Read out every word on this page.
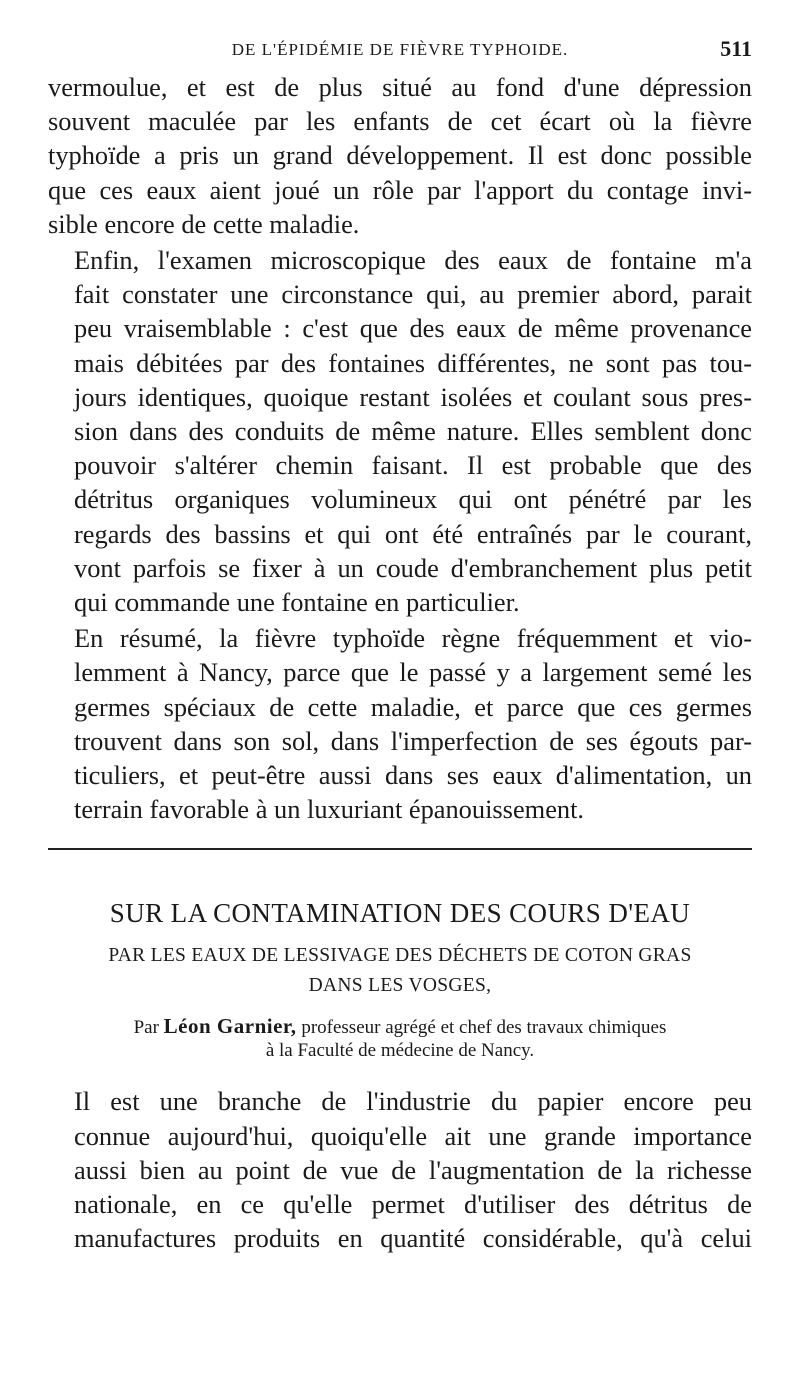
DE L'ÉPIDÉMIE DE FIÈVRE TYPHOIDE.	511

vermoulue, et est de plus situé au fond d'une dépression
souvent maculée par les enfants de cet écart où la fièvre
typhoïde a pris un grand développement. Il est donc possible
que ces eaux aient joué un rôle par l'apport du contage invi-
sible encore de cette maladie.

Enfin, l'examen microscopique des eaux de fontaine m'a
fait constater une circonstance qui, au premier abord, parait
peu vraisemblable : c'est que des eaux de même provenance
mais débitées par des fontaines différentes, ne sont pas tou-
jours identiques, quoique restant isolées et coulant sous pres-
sion dans des conduits de même nature. Elles semblent donc
pouvoir s'altérer chemin faisant. Il est probable que des
détritus organiques volumineux qui ont pénétré par les
regards des bassins et qui ont été entraînés par le courant,
vont parfois se fixer à un coude d'embranchement plus petit
qui commande une fontaine en particulier.

En résumé, la fièvre typhoïde règne fréquemment et vio-
lemment à Nancy, parce que le passé y a largement semé les
germes spéciaux de cette maladie, et parce que ces germes
trouvent dans son sol, dans l'imperfection de ses égouts par-
ticuliers, et peut-être aussi dans ses eaux d'alimentation, un
terrain favorable à un luxuriant épanouissement.

SUR LA CONTAMINATION DES COURS D'EAU
PAR LES EAUX DE LESSIVAGE DES DÉCHETS DE COTON GRAS
DANS LES VOSGES,
Par Léon Garnier, professeur agrégé et chef des travaux chimiques
à la Faculté de médecine de Nancy.

Il est une branche de l'industrie du papier encore peu
connue aujourd'hui, quoiqu'elle ait une grande importance
aussi bien au point de vue de l'augmentation de la richesse
nationale, en ce qu'elle permet d'utiliser des détritus de
manufactures produits en quantité considérable, qu'à celui
